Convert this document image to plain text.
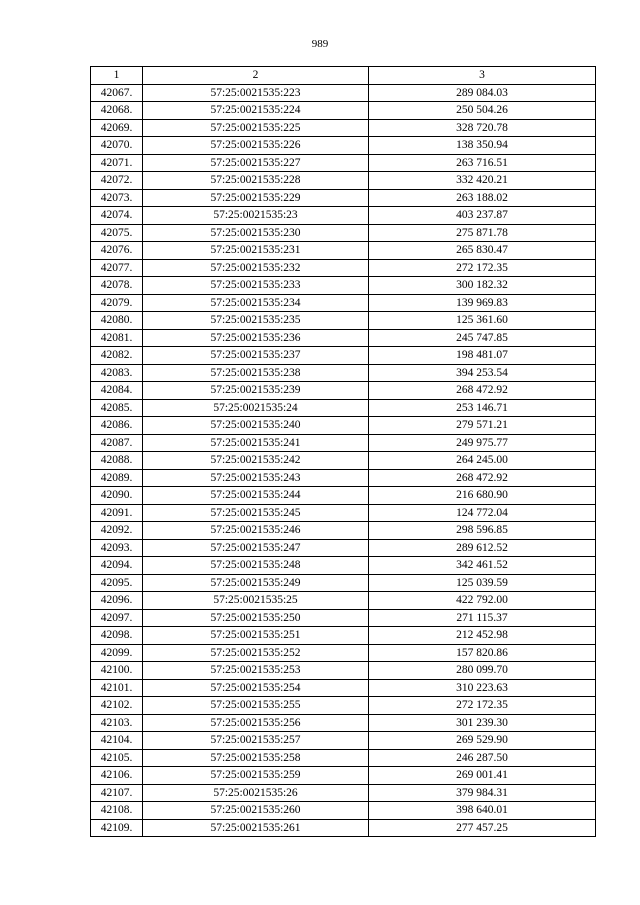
989
1	2	3
42067.	57:25:0021535:223	289 084.03
42068.	57:25:0021535:224	250 504.26
42069.	57:25:0021535:225	328 720.78
42070.	57:25:0021535:226	138 350.94
42071.	57:25:0021535:227	263 716.51
42072.	57:25:0021535:228	332 420.21
42073.	57:25:0021535:229	263 188.02
42074.	57:25:0021535:23	403 237.87
42075.	57:25:0021535:230	275 871.78
42076.	57:25:0021535:231	265 830.47
42077.	57:25:0021535:232	272 172.35
42078.	57:25:0021535:233	300 182.32
42079.	57:25:0021535:234	139 969.83
42080.	57:25:0021535:235	125 361.60
42081.	57:25:0021535:236	245 747.85
42082.	57:25:0021535:237	198 481.07
42083.	57:25:0021535:238	394 253.54
42084.	57:25:0021535:239	268 472.92
42085.	57:25:0021535:24	253 146.71
42086.	57:25:0021535:240	279 571.21
42087.	57:25:0021535:241	249 975.77
42088.	57:25:0021535:242	264 245.00
42089.	57:25:0021535:243	268 472.92
42090.	57:25:0021535:244	216 680.90
42091.	57:25:0021535:245	124 772.04
42092.	57:25:0021535:246	298 596.85
42093.	57:25:0021535:247	289 612.52
42094.	57:25:0021535:248	342 461.52
42095.	57:25:0021535:249	125 039.59
42096.	57:25:0021535:25	422 792.00
42097.	57:25:0021535:250	271 115.37
42098.	57:25:0021535:251	212 452.98
42099.	57:25:0021535:252	157 820.86
42100.	57:25:0021535:253	280 099.70
42101.	57:25:0021535:254	310 223.63
42102.	57:25:0021535:255	272 172.35
42103.	57:25:0021535:256	301 239.30
42104.	57:25:0021535:257	269 529.90
42105.	57:25:0021535:258	246 287.50
42106.	57:25:0021535:259	269 001.41
42107.	57:25:0021535:26	379 984.31
42108.	57:25:0021535:260	398 640.01
42109.	57:25:0021535:261	277 457.25
